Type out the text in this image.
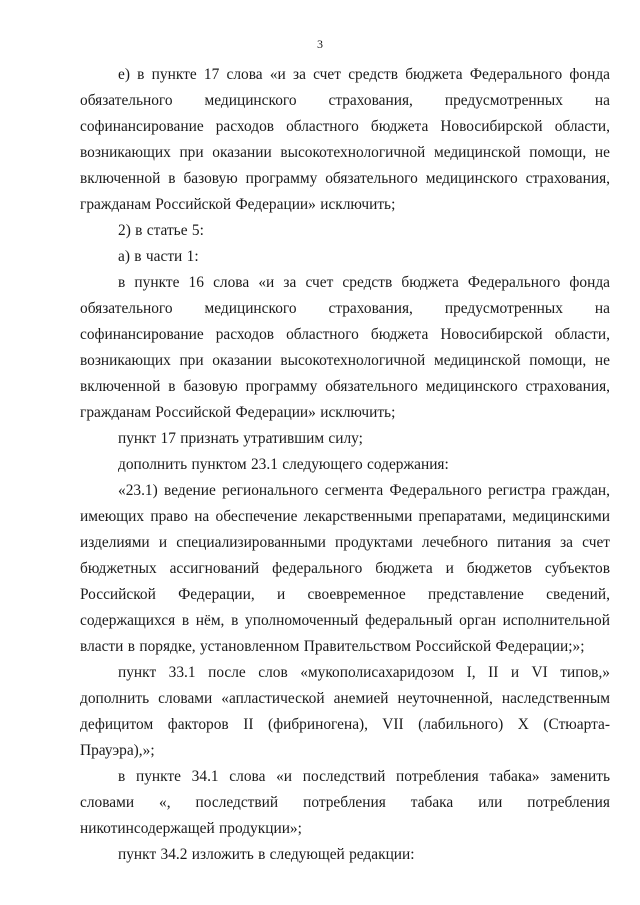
3

е) в пункте 17 слова «и за счет средств бюджета Федерального фонда обязательного медицинского страхования, предусмотренных на софинансирование расходов областного бюджета Новосибирской области, возникающих при оказании высокотехнологичной медицинской помощи, не включенной в базовую программу обязательного медицинского страхования, гражданам Российской Федерации» исключить;

2) в статье 5:

а) в части 1:

в пункте 16 слова «и за счет средств бюджета Федерального фонда обязательного медицинского страхования, предусмотренных на софинансирование расходов областного бюджета Новосибирской области, возникающих при оказании высокотехнологичной медицинской помощи, не включенной в базовую программу обязательного медицинского страхования, гражданам Российской Федерации» исключить;

пункт 17 признать утратившим силу;

дополнить пунктом 23.1 следующего содержания:

«23.1) ведение регионального сегмента Федерального регистра граждан, имеющих право на обеспечение лекарственными препаратами, медицинскими изделиями и специализированными продуктами лечебного питания за счет бюджетных ассигнований федерального бюджета и бюджетов субъектов Российской Федерации, и своевременное представление сведений, содержащихся в нём, в уполномоченный федеральный орган исполнительной власти в порядке, установленном Правительством Российской Федерации;»;

пункт 33.1 после слов «мукополисахаридозом I, II и VI типов,» дополнить словами «апластической анемией неуточненной, наследственным дефицитом факторов II (фибриногена), VII (лабильного) X (Стюарта-Прауэра),»;

в пункте 34.1 слова «и последствий потребления табака» заменить словами «, последствий потребления табака или потребления никотинсодержащей продукции»;

пункт 34.2 изложить в следующей редакции:
